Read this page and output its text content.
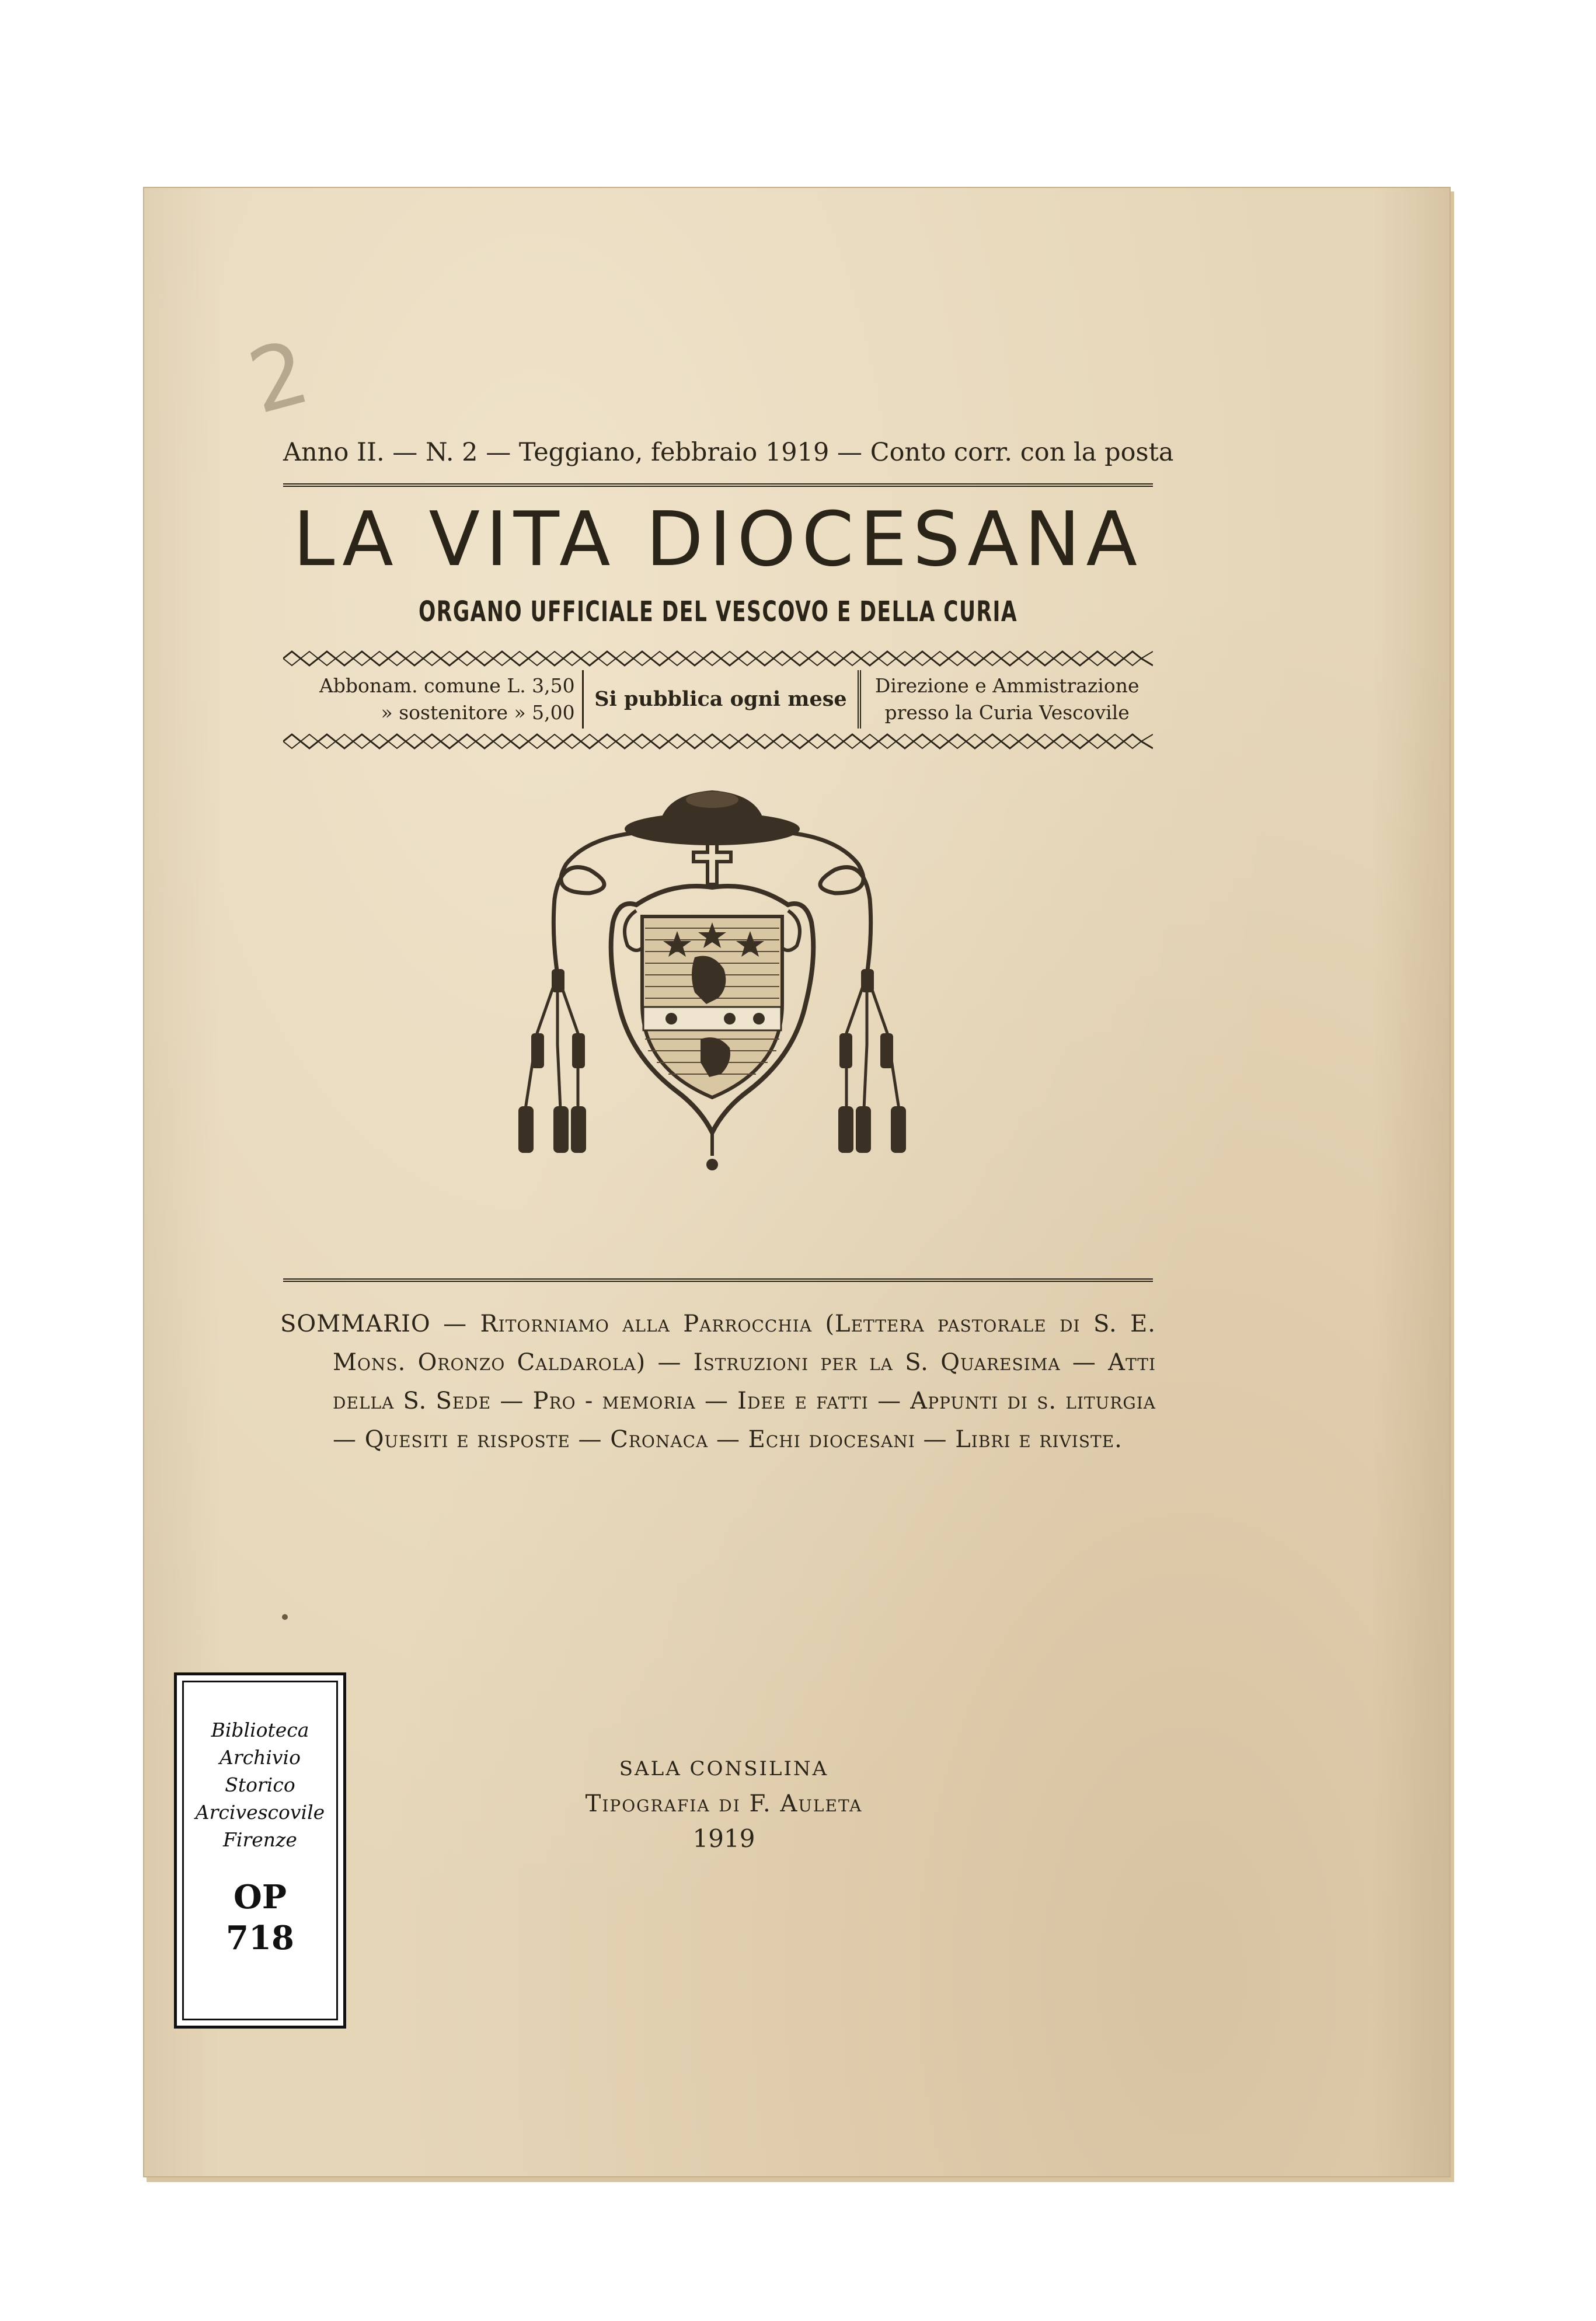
2
Anno II. — N. 2 — Teggiano, febbraio 1919 — Conto corr. con la posta
LA VITA DIOCESANA
ORGANO UFFICIALE DEL VESCOVO E DELLA CURIA
Abbonam. comune L. 3,50
» sostenitore » 5,00
Si pubblica ogni mese
Direzione e Ammistrazione
presso la Curia Vescovile

SOMMARIO — Ritorniamo alla Parrocchia (Lettera pastorale di S. E. Mons. Oronzo Caldarola) — Istruzioni per la S. Quaresima — Atti della S. Sede — Pro - memoria — Idee e fatti — Appunti di s. liturgia — Quesiti e risposte — Cronaca — Echi diocesani — Libri e riviste.

SALA CONSILINA
Tipografia di F. Auleta
1919
Biblioteca
Archivio
Storico
Arcivescovile
Firenze
OP
718
